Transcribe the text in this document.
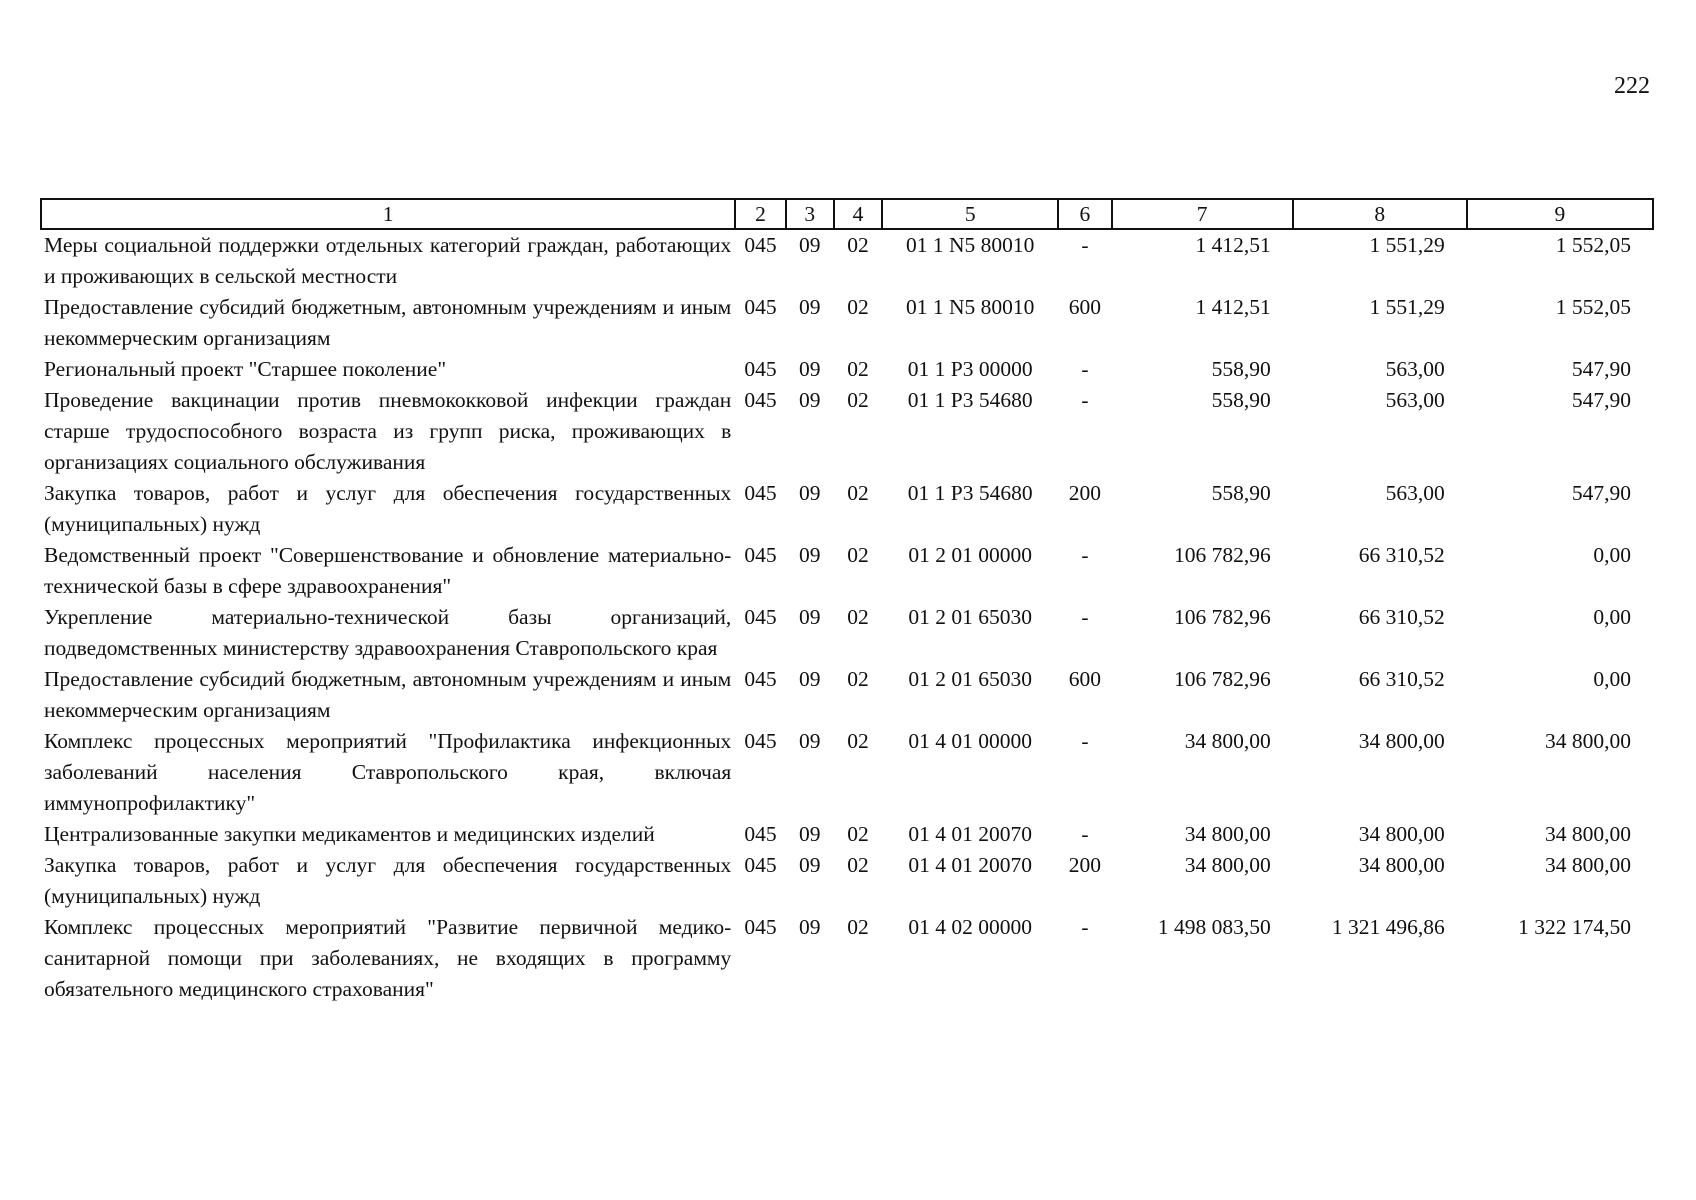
222
1	2	3	4	5	6	7	8	9
Меры социальной поддержки отдельных категорий граждан, работающих и проживающих в сельской местности	045	09	02	01 1 N5 80010	-	1 412,51	1 551,29	1 552,05
Предоставление субсидий бюджетным, автономным учреждениям и иным некоммерческим организациям	045	09	02	01 1 N5 80010	600	1 412,51	1 551,29	1 552,05
Региональный проект "Старшее поколение"	045	09	02	01 1 P3 00000	-	558,90	563,00	547,90
Проведение вакцинации против пневмококковой инфекции граждан старше трудоспособного возраста из групп риска, проживающих в организациях социального обслуживания	045	09	02	01 1 P3 54680	-	558,90	563,00	547,90
Закупка товаров, работ и услуг для обеспечения государственных (муниципальных) нужд	045	09	02	01 1 P3 54680	200	558,90	563,00	547,90
Ведомственный проект "Совершенствование и обновление материально-технической базы в сфере здравоохранения"	045	09	02	01 2 01 00000	-	106 782,96	66 310,52	0,00
Укрепление материально-технической базы организаций, подведомственных министерству здравоохранения Ставропольского края	045	09	02	01 2 01 65030	-	106 782,96	66 310,52	0,00
Предоставление субсидий бюджетным, автономным учреждениям и иным некоммерческим организациям	045	09	02	01 2 01 65030	600	106 782,96	66 310,52	0,00
Комплекс процессных мероприятий "Профилактика инфекционных заболеваний населения Ставропольского края, включая иммунопрофилактику"	045	09	02	01 4 01 00000	-	34 800,00	34 800,00	34 800,00
Централизованные закупки медикаментов и медицинских изделий	045	09	02	01 4 01 20070	-	34 800,00	34 800,00	34 800,00
Закупка товаров, работ и услуг для обеспечения государственных (муниципальных) нужд	045	09	02	01 4 01 20070	200	34 800,00	34 800,00	34 800,00
Комплекс процессных мероприятий "Развитие первичной медико-санитарной помощи при заболеваниях, не входящих в программу обязательного медицинского страхования"	045	09	02	01 4 02 00000	-	1 498 083,50	1 321 496,86	1 322 174,50
